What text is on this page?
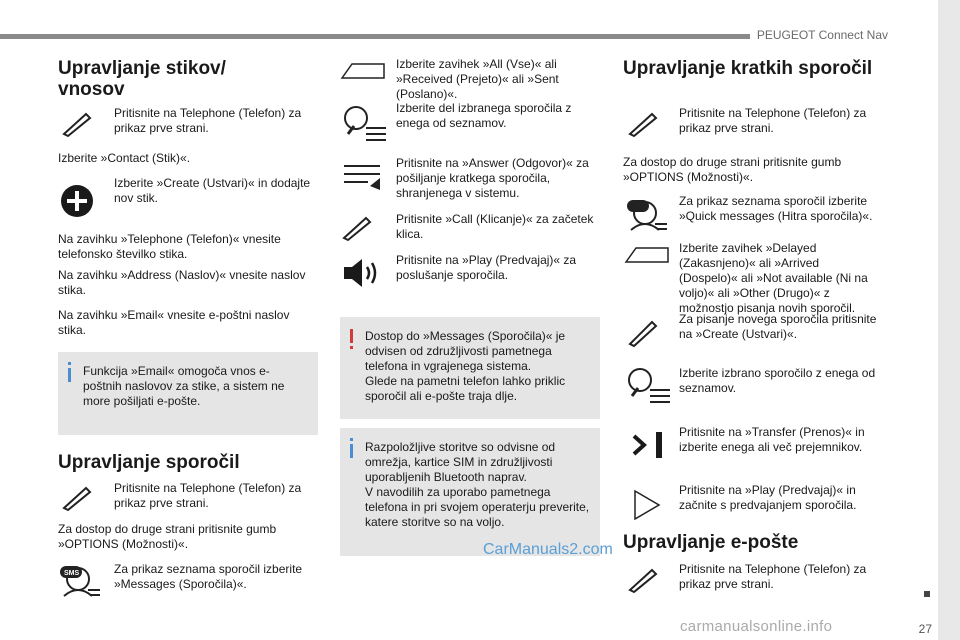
PEUGEOT Connect Nav
Upravljanje stikov/
vnosov
Pritisnite na Telephone (Telefon) za prikaz prve strani.
Izberite »Contact (Stik)«.
Izberite »Create (Ustvari)« in dodajte nov stik.
Na zavihku »Telephone (Telefon)« vnesite telefonsko številko stika.
Na zavihku »Address (Naslov)« vnesite naslov stika.
Na zavihku »Email« vnesite e-poštni naslov stika.
Funkcija »Email« omogoča vnos e-poštnih naslovov za stike, a sistem ne more pošiljati e-pošte.
Upravljanje sporočil
Pritisnite na Telephone (Telefon) za prikaz prve strani.
Za dostop do druge strani pritisnite gumb »OPTIONS (Možnosti)«.
SMS	Za prikaz seznama sporočil izberite »Messages (Sporočila)«.
Izberite zavihek »All (Vse)« ali »Received (Prejeto)« ali »Sent (Poslano)«.
Izberite del izbranega sporočila z enega od seznamov.
Pritisnite na »Answer (Odgovor)« za pošiljanje kratkega sporočila, shranjenega v sistemu.
Pritisnite »Call (Klicanje)« za začetek klica.
Pritisnite na »Play (Predvajaj)« za poslušanje sporočila.
Dostop do »Messages (Sporočila)« je odvisen od združljivosti pametnega telefona in vgrajenega sistema.
Glede na pametni telefon lahko priklic sporočil ali e-pošte traja dlje.
Razpoložljive storitve so odvisne od omrežja, kartice SIM in združljivosti uporabljenih Bluetooth naprav.
V navodilih za uporabo pametnega telefona in pri svojem operaterju preverite, katere storitve so na voljo.
Upravljanje kratkih sporočil
Pritisnite na Telephone (Telefon) za prikaz prve strani.
Za dostop do druge strani pritisnite gumb »OPTIONS (Možnosti)«.
Za prikaz seznama sporočil izberite »Quick messages (Hitra sporočila)«.
Izberite zavihek »Delayed (Zakasnjeno)« ali »Arrived (Dospelo)« ali »Not available (Ni na voljo)« ali »Other (Drugo)« z možnostjo pisanja novih sporočil.
Za pisanje novega sporočila pritisnite na »Create (Ustvari)«.
Izberite izbrano sporočilo z enega od seznamov.
Pritisnite na »Transfer (Prenos)« in izberite enega ali več prejemnikov.
Pritisnite na »Play (Predvajaj)« in začnite s predvajanjem sporočila.
Upravljanje e-pošte
Pritisnite na Telephone (Telefon) za prikaz prve strani.
27
CarManuals2.com
carmanualsonline.info
